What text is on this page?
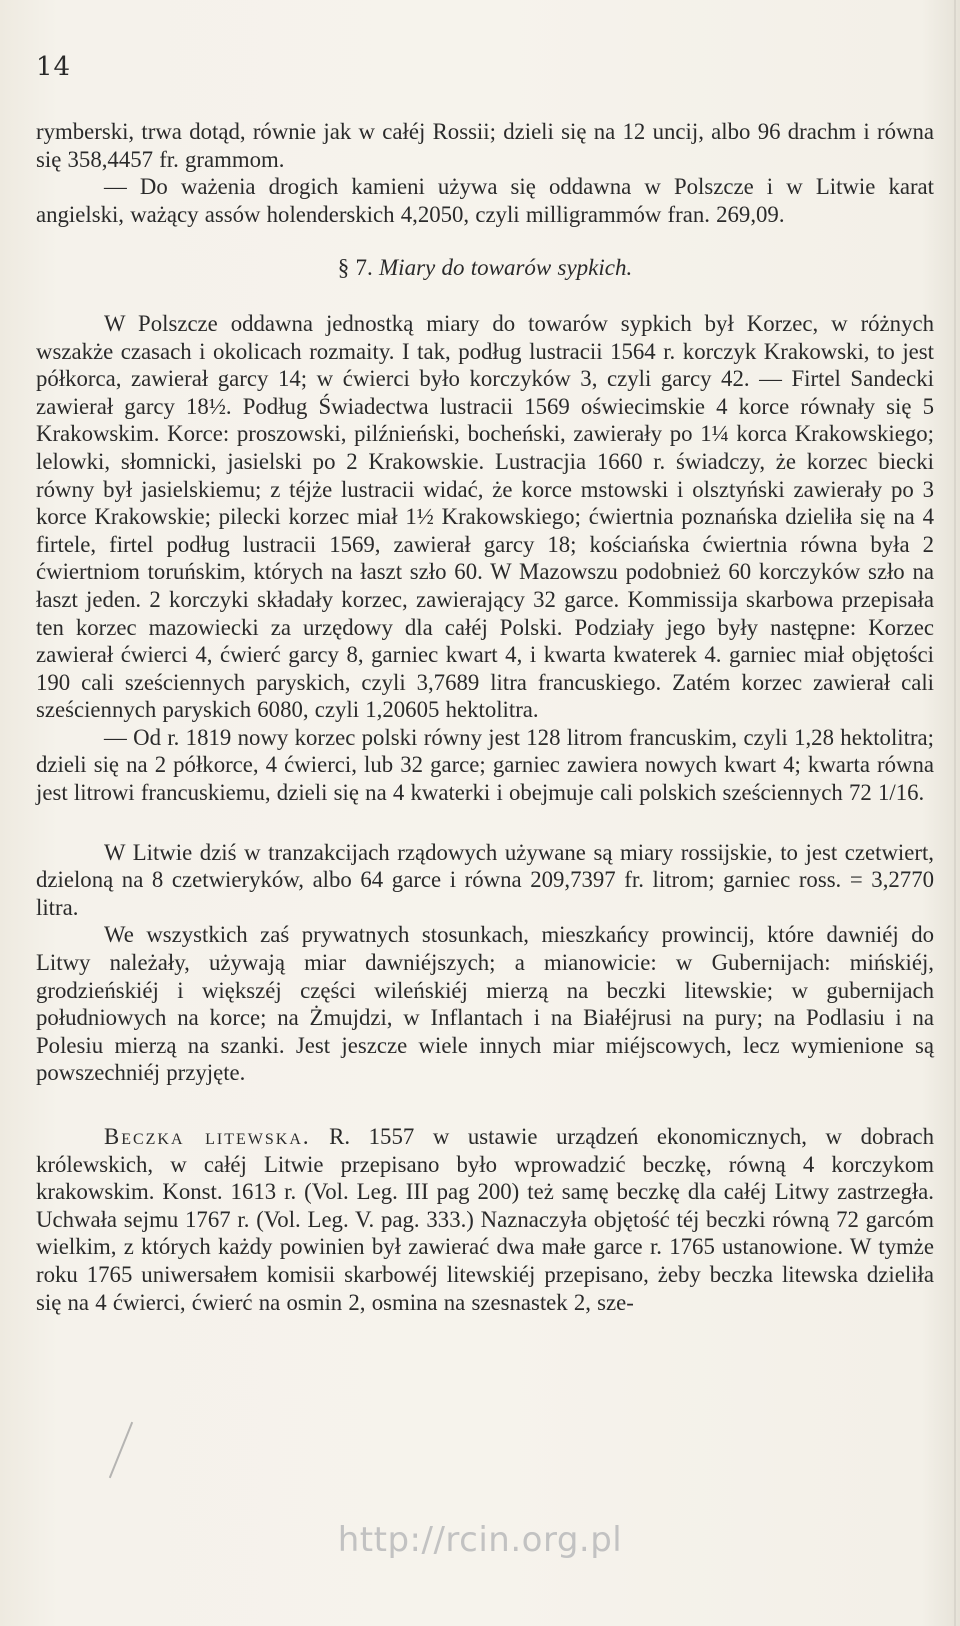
14

rymberski, trwa dotąd, równie jak w całéj Rossii; dzieli się na 12 uncij, albo 96 drachm i równa się 358,4457 fr. grammom.

— Do ważenia drogich kamieni używa się oddawna w Polszcze i w Litwie karat angielski, ważący assów holenderskich 4,2050, czyli milligrammów fran. 269,09.

§ 7. Miary do towarów sypkich.

W Polszcze oddawna jednostką miary do towarów sypkich był Korzec, w różnych wszakże czasach i okolicach rozmaity. I tak, podług lustracii 1564 r. korczyk Krakowski, to jest półkorca, zawierał garcy 14; w ćwierci było korczyków 3, czyli garcy 42. — Firtel Sandecki zawierał garcy 18½. Podług Świadectwa lustracii 1569 oświecimskie 4 korce równały się 5 Krakowskim. Korce: proszowski, pilźnieński, bocheński, zawierały po 1¼ korca Krakowskiego; lelowki, słomnicki, jasielski po 2 Krakowskie. Lustracjia 1660 r. świadczy, że korzec biecki równy był jasielskiemu; z téjże lustracii widać, że korce mstowski i olsztyński zawierały po 3 korce Krakowskie; pilecki korzec miał 1½ Krakowskiego; ćwiertnia poznańska dzieliła się na 4 firtele, firtel podług lustracii 1569, zawierał garcy 18; kościańska ćwiertnia równa była 2 ćwiertniom toruńskim, których na łaszt szło 60. W Mazowszu podobnież 60 korczyków szło na łaszt jeden. 2 korczyki składały korzec, zawierający 32 garce. Kommissija skarbowa przepisała ten korzec mazowiecki za urzędowy dla całéj Polski. Podziały jego były następne: Korzec zawierał ćwierci 4, ćwierć garcy 8, garniec kwart 4, i kwarta kwaterek 4. garniec miał objętości 190 cali sześciennych paryskich, czyli 3,7689 litra francuskiego. Zatém korzec zawierał cali sześciennych paryskich 6080, czyli 1,20605 hektolitra.

— Od r. 1819 nowy korzec polski równy jest 128 litrom francuskim, czyli 1,28 hektolitra; dzieli się na 2 półkorce, 4 ćwierci, lub 32 garce; garniec zawiera nowych kwart 4; kwarta równa jest litrowi francuskiemu, dzieli się na 4 kwaterki i obejmuje cali polskich sześciennych 72 1/16.

W Litwie dziś w tranzakcijach rządowych używane są miary rossijskie, to jest czetwiert, dzieloną na 8 czetwieryków, albo 64 garce i równa 209,7397 fr. litrom; garniec ross. = 3,2770 litra.

We wszystkich zaś prywatnych stosunkach, mieszkańcy prowincij, które dawniéj do Litwy należały, używają miar dawniéjszych; a mianowicie: w Gubernijach: mińskiéj, grodzieńskiéj i większéj części wileńskiéj mierzą na beczki litewskie; w gubernijach południowych na korce; na Żmujdzi, w Inflantach i na Białéjrusi na pury; na Podlasiu i na Polesiu mierzą na szanki. Jest jeszcze wiele innych miar miéjscowych, lecz wymienione są powszechniéj przyjęte.

Beczka litewska. R. 1557 w ustawie urządzeń ekonomicznych, w dobrach królewskich, w całéj Litwie przepisano było wprowadzić beczkę, równą 4 korczykom krakowskim. Konst. 1613 r. (Vol. Leg. III pag 200) też samę beczkę dla całéj Litwy zastrzegła. Uchwała sejmu 1767 r. (Vol. Leg. V. pag. 333.) Naznaczyła objętość téj beczki równą 72 garcóm wielkim, z których każdy powinien był zawierać dwa małe garce r. 1765 ustanowione. W tymże roku 1765 uniwersałem komisii skarbowéj litewskiéj przepisano, żeby beczka litewska dzieliła się na 4 ćwierci, ćwierć na osmin 2, osmina na szesnastek 2, sze-

http://rcin.org.pl
